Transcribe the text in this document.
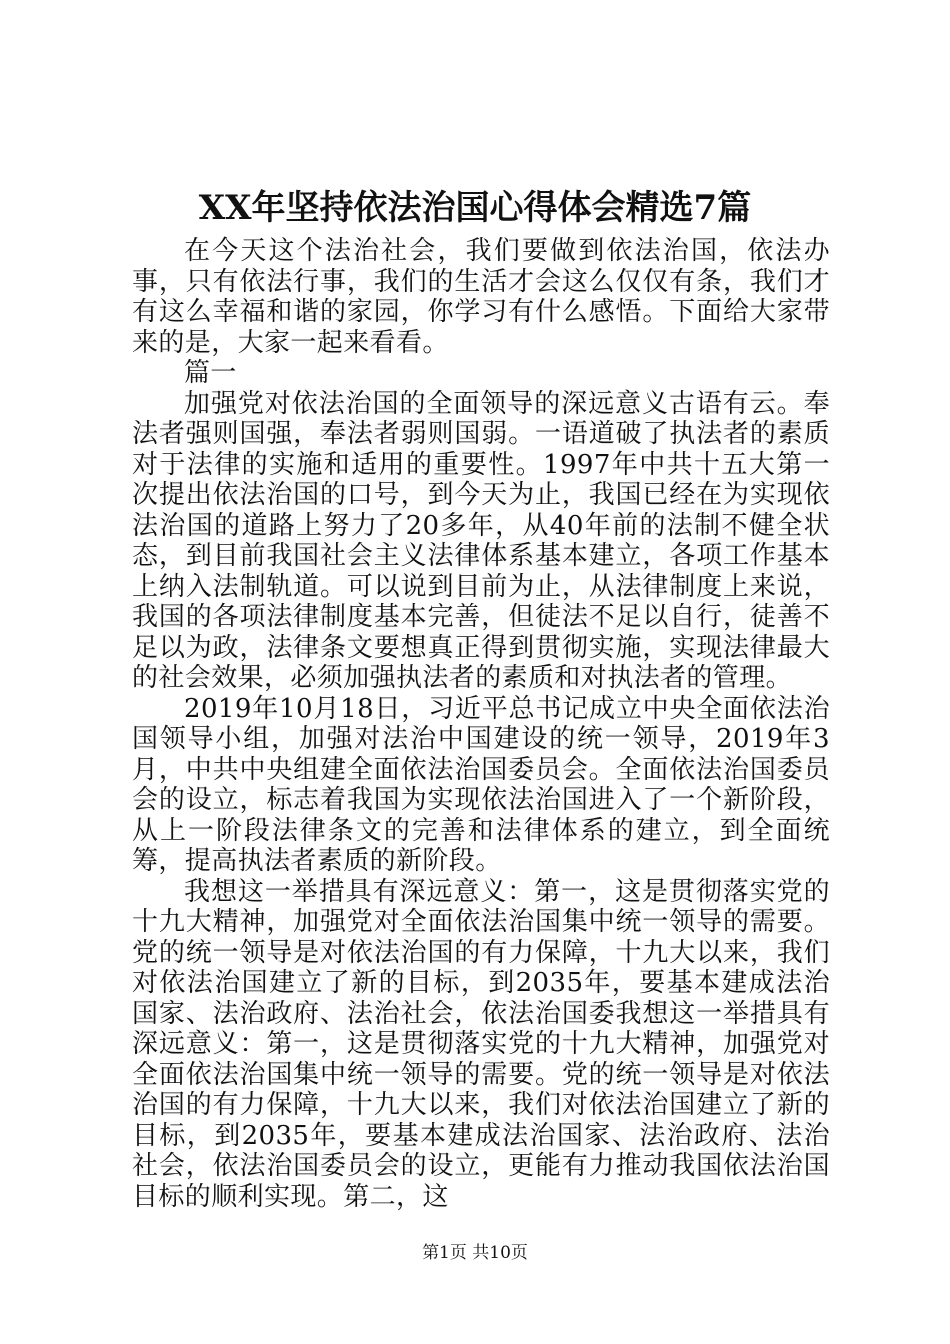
XX年坚持依法治国心得体会精选7篇

在今天这个法治社会，我们要做到依法治国，依法办事，只有依法行事，我们的生活才会这么仅仅有条，我们才有这么幸福和谐的家园，你学习有什么感悟。下面给大家带来的是，大家一起来看看。

篇一

加强党对依法治国的全面领导的深远意义古语有云。奉法者强则国强，奉法者弱则国弱。一语道破了执法者的素质对于法律的实施和适用的重要性。1997年中共十五大第一次提出依法治国的口号，到今天为止，我国已经在为实现依法治国的道路上努力了20多年，从40年前的法制不健全状态，到目前我国社会主义法律体系基本建立，各项工作基本上纳入法制轨道。可以说到目前为止，从法律制度上来说，我国的各项法律制度基本完善，但徒法不足以自行，徒善不足以为政，法律条文要想真正得到贯彻实施，实现法律最大的社会效果，必须加强执法者的素质和对执法者的管理。

2019年10月18日，习近平总书记成立中央全面依法治国领导小组，加强对法治中国建设的统一领导，2019年3月，中共中央组建全面依法治国委员会。全面依法治国委员会的设立，标志着我国为实现依法治国进入了一个新阶段，从上一阶段法律条文的完善和法律体系的建立，到全面统筹，提高执法者素质的新阶段。

我想这一举措具有深远意义：第一，这是贯彻落实党的十九大精神，加强党对全面依法治国集中统一领导的需要。党的统一领导是对依法治国的有力保障，十九大以来，我们对依法治国建立了新的目标，到2035年，要基本建成法治国家、法治政府、法治社会，依法治国委我想这一举措具有深远意义：第一，这是贯彻落实党的十九大精神，加强党对全面依法治国集中统一领导的需要。党的统一领导是对依法治国的有力保障，十九大以来，我们对依法治国建立了新的目标，到2035年，要基本建成法治国家、法治政府、法治社会，依法治国委员会的设立，更能有力推动我国依法治国目标的顺利实现。第二，这

第1页 共10页
